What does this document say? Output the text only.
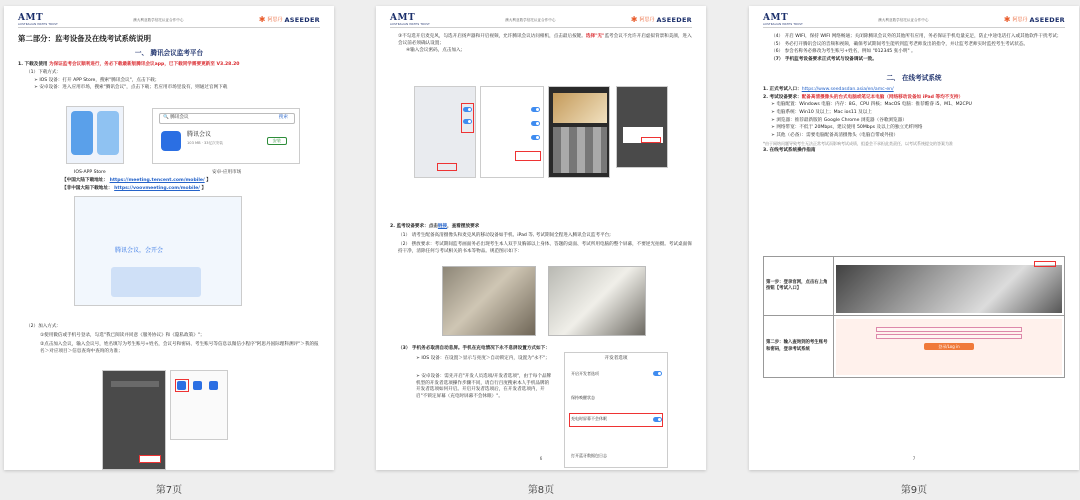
AMT
AUSTRALIAN MATHS TRUST
澳大利亚数学信托认证合作中心	✱ 阿思丹 ASEEDER
第二部分：监考设备及在线考试系统说明
一、 腾讯会议监考平台
1. 下载及使用 为保证监考会议顺利进行，务必下载最新版腾讯会议app，已下载同学需要更新至 V3.28.20
（1）下载方式：
➢ IOS 设备：打开 APP Store，搜索"腾讯会议"，点击下载；
➢ 安卓设备：进入应用市场，搜索"腾讯会议"，点击下载；若应用市场里没有，则通过官网下载
🔍 腾讯会议	搜索
腾讯会议
103 MB · 33亿次安装	安装
IOS-APP Store	安卓-应用市场
【中国大陆下载地址： https://meeting.tencent.com/mobile/ 】
【非中国大陆下载地址： https://voovmeeting.com/mobile/ 】
腾讯会议，会开会
（2）加入方式：
①使用微信或手机号登录，勾选"我已阅读并同意《服务协议》和《隐私政策》"；
②点击加入会议，输入会议号，姓名填写为考生账号+姓名，会议号和密码、考生账号等信息以微信小程序"阿思丹国际理科测评"＞我的报名＞对应项目＞信息查询中查询的为准；
第7页
AMT
AUSTRALIAN MATHS TRUST
澳大利亚数学信托认证合作中心	✱ 阿思丹 ASEEDER
③不勾选开启麦克风，勾选开启扬声器和开启视频，允许腾讯会议访问相机，点击最后按键。选择"无"监考会议不允许开启虚拟背景和美颜，进入会议前必须确认设置；
④输入会议密码，点击加入；
2. 监考设备要求：点击链接，查看摆放要求
（1） 请考生配备高清摄像头和麦克风的移动设备如手机、iPad 等, 考试期间全程进入腾讯会议监考平台;
（2） 摆放要求：考试期间监考画面务必出现考生本人双手及胸部以上身体、答题的桌面、考试所用电脑的整个屏幕，不要逆光拍摄。考试桌面保持干净，清除任何与考试相关的书本等物品。规范图示如下：
（3） 手机务必取消自动息屏。手机在充电情况下永不息屏设置方式如下：
➢ IOS 设备：在设置＞显示与亮度＞自动锁定内，设置为"永不"；
➢ 安卓设备：需先开启"开发人员选项/开发者选项"，由于每个品牌机型的开发者选项操作步骤不同，请自行百度搜索本人手机品牌的开发者选项如何开启。开启开发者选项后，在开发者选项内，开启"不锁定屏幕（充电时屏幕不会休眠）"。
开发者选项
开启开发者选项
保持唤醒状态
充电时屏幕不会休眠
打开蓝牙数据包日志
6
第8页
AMT
AUSTRALIAN MATHS TRUST
澳大利亚数学信托认证合作中心	✱ 阿思丹 ASEEDER
（4） 开启 WIFI，保持 WIFI 网络畅通；关闭除腾讯会议外的其他所有应用，务必保证手机电量充足，防止中途电话打入或其他软件干扰考试；
（5） 务必打开腾讯会议的音频和视频，确保考试期间考生能听到监考老师发出的指令，并让监考老师实时监控考生考试状态。
（6） 参会名称务必修改为考生账号+姓名，例如 "012345 张小明" 。
（7） 手机监考设备要求正式考试与设备调试一致。
二、 在线考试系统
1. 正式考试入口：https://www.seedasdan.asia/en/amc-en/
2. 考试设备要求：配备高清摄像头的台式电脑或笔记本电脑（网络移动设备如 iPad 等均不支持）
➢ 电脑配置：Windows 电脑：内存：8G、CPU 四核；MacOS 电脑：推荐酷睿 i5、M1、M2CPU
➢ 电脑系统：Win10 及以上；Mac ios11 及以上
➢ 浏览器：推荐最新版的 Google Chrome 浏览器（谷歌浏览器）
➢ 网络带宽：不低于 20Mbps，建议使用 50Mbps 及以上的独立光纤网络
➢ 其他（必备）：需要电脑配备高清摄像头（电脑自带或外接）
*由于网络问题导致考生无法正常考试而影响考试成绩，组委会不承担此类责任，以考试系统提交的答案为准
3. 在线考试系统操作指南
第一步：登录官网，点击右上角按钮【考试入口】	

第二步：输入查询到的考生账号和密码，登录考试系统	登录/Log in
7
第9页
